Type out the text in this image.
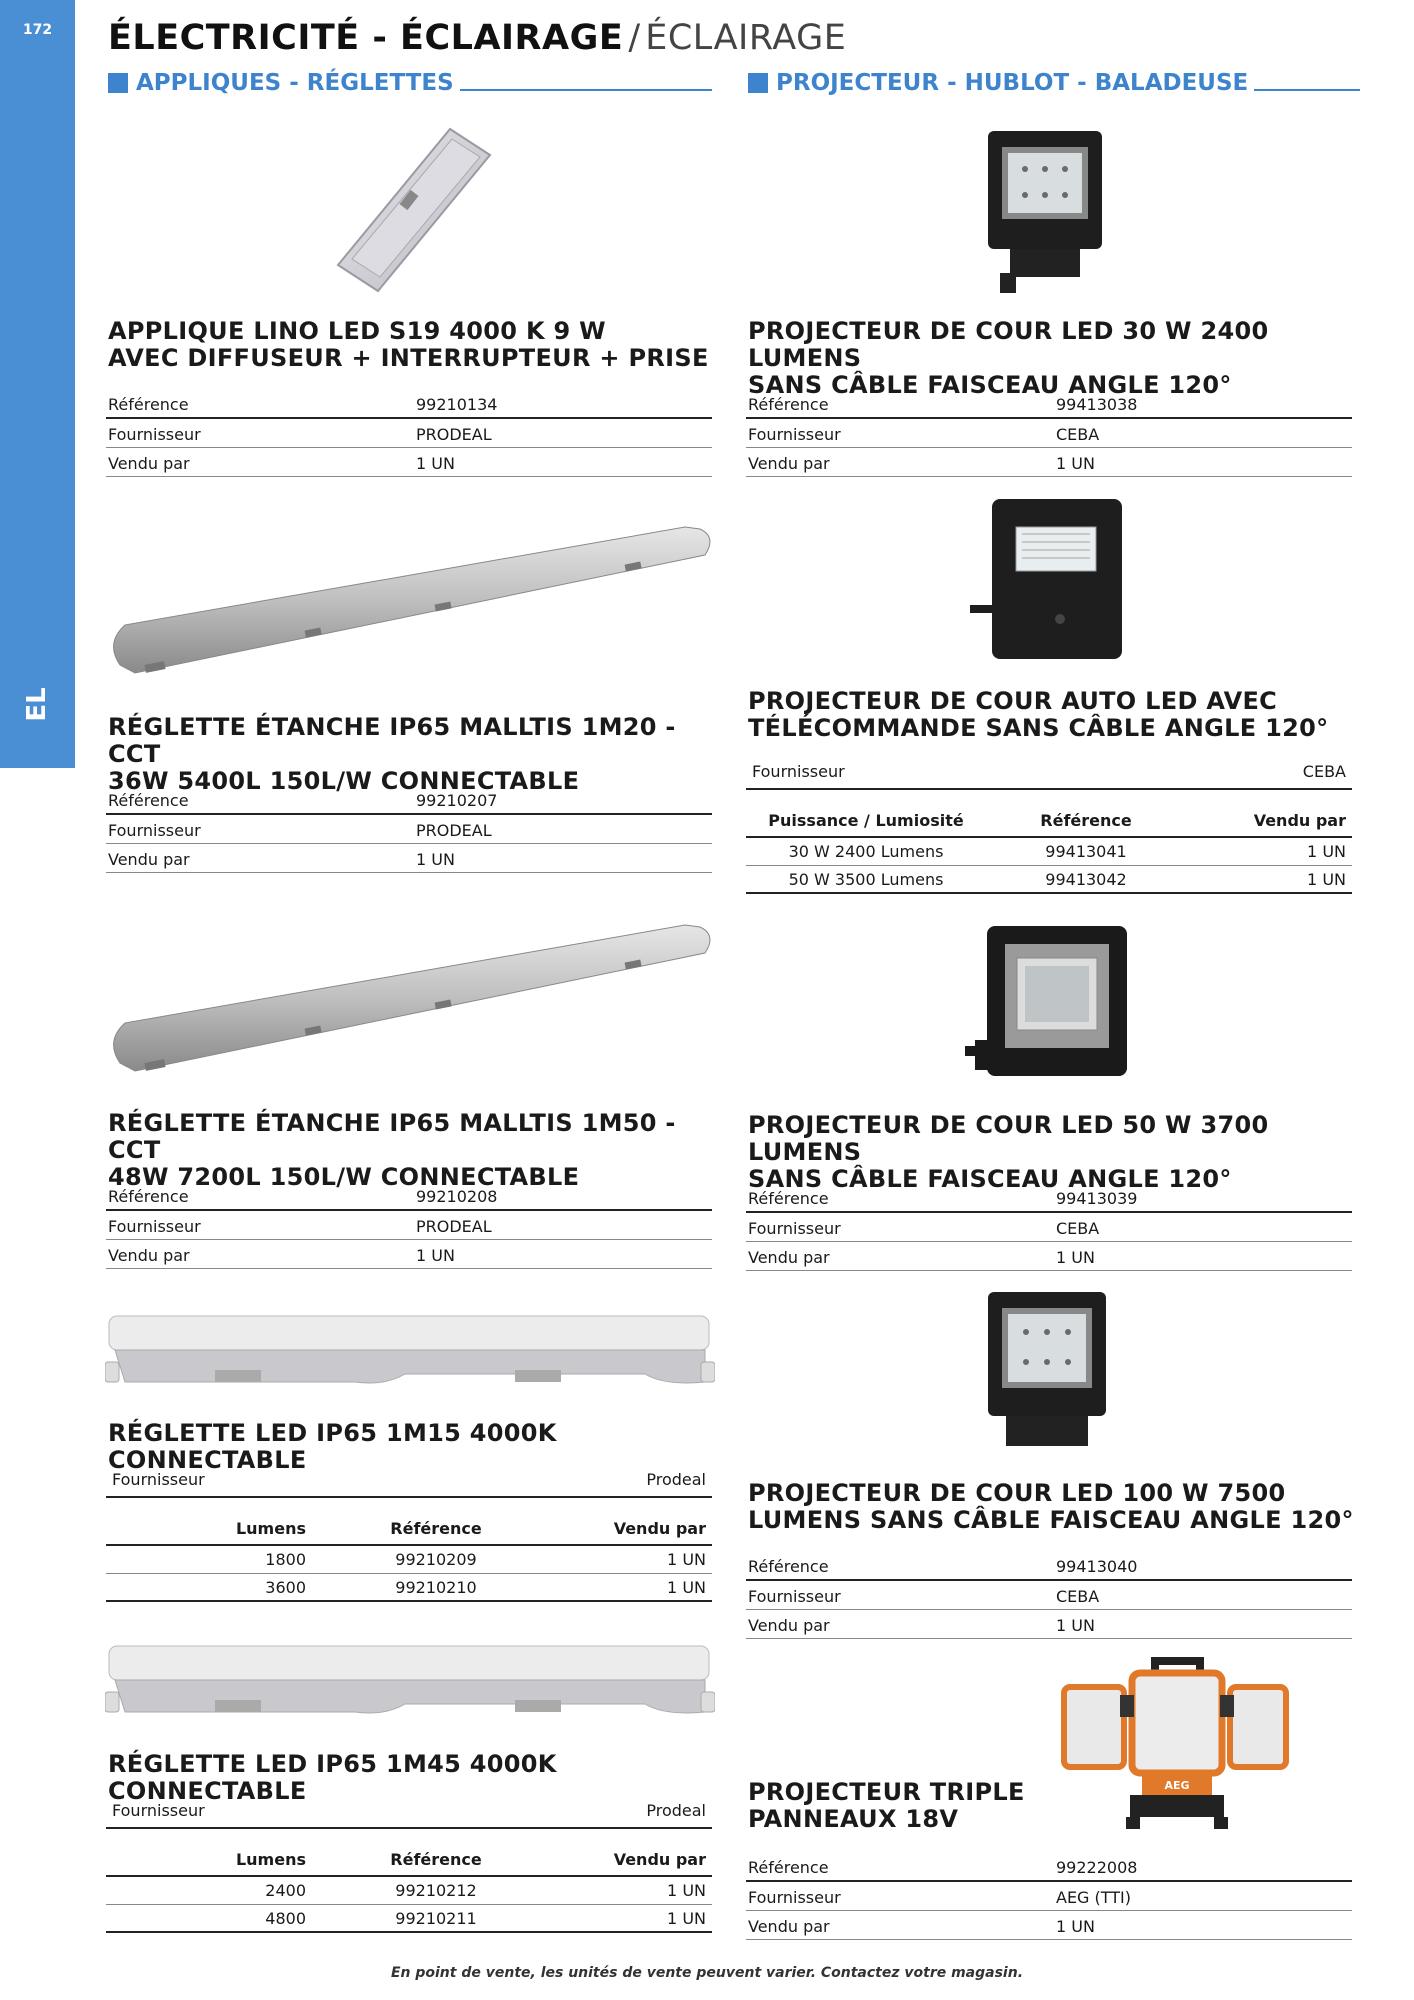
172
EL
ÉLECTRICITÉ - ÉCLAIRAGE / ÉCLAIRAGE
APPLIQUES - RÉGLETTES	PROJECTEUR - HUBLOT - BALADEUSE
APPLIQUE LINO LED S19 4000 K 9 W
AVEC DIFFUSEUR + INTERRUPTEUR + PRISE
Référence	99210134
Fournisseur	PRODEAL
Vendu par	1 UN
RÉGLETTE ÉTANCHE IP65 MALLTIS 1M20 - CCT
36W 5400L 150L/W CONNECTABLE
Référence	99210207
Fournisseur	PRODEAL
Vendu par	1 UN
RÉGLETTE ÉTANCHE IP65 MALLTIS 1M50 - CCT
48W 7200L 150L/W CONNECTABLE
Référence	99210208
Fournisseur	PRODEAL
Vendu par	1 UN
RÉGLETTE LED IP65 1M15 4000K CONNECTABLE
Fournisseur	Prodeal
Lumens	Référence	Vendu par
1800	99210209	1 UN
3600	99210210	1 UN
RÉGLETTE LED IP65 1M45 4000K CONNECTABLE
Fournisseur	Prodeal
Lumens	Référence	Vendu par
2400	99210212	1 UN
4800	99210211	1 UN
PROJECTEUR DE COUR LED 30 W 2400 LUMENS
SANS CÂBLE FAISCEAU ANGLE 120°
Référence	99413038
Fournisseur	CEBA
Vendu par	1 UN
PROJECTEUR DE COUR AUTO LED AVEC
TÉLÉCOMMANDE SANS CÂBLE ANGLE 120°
Fournisseur	CEBA
Puissance / Lumiosité	Référence	Vendu par
30 W 2400 Lumens	99413041	1 UN
50 W 3500 Lumens	99413042	1 UN
PROJECTEUR DE COUR LED 50 W 3700 LUMENS
SANS CÂBLE FAISCEAU ANGLE 120°
Référence	99413039
Fournisseur	CEBA
Vendu par	1 UN
PROJECTEUR DE COUR LED 100 W 7500
LUMENS SANS CÂBLE FAISCEAU ANGLE 120°
Référence	99413040
Fournisseur	CEBA
Vendu par	1 UN
AEG
PROJECTEUR TRIPLE
PANNEAUX 18V
Référence	99222008
Fournisseur	AEG (TTI)
Vendu par	1 UN
En point de vente, les unités de vente peuvent varier. Contactez votre magasin.
